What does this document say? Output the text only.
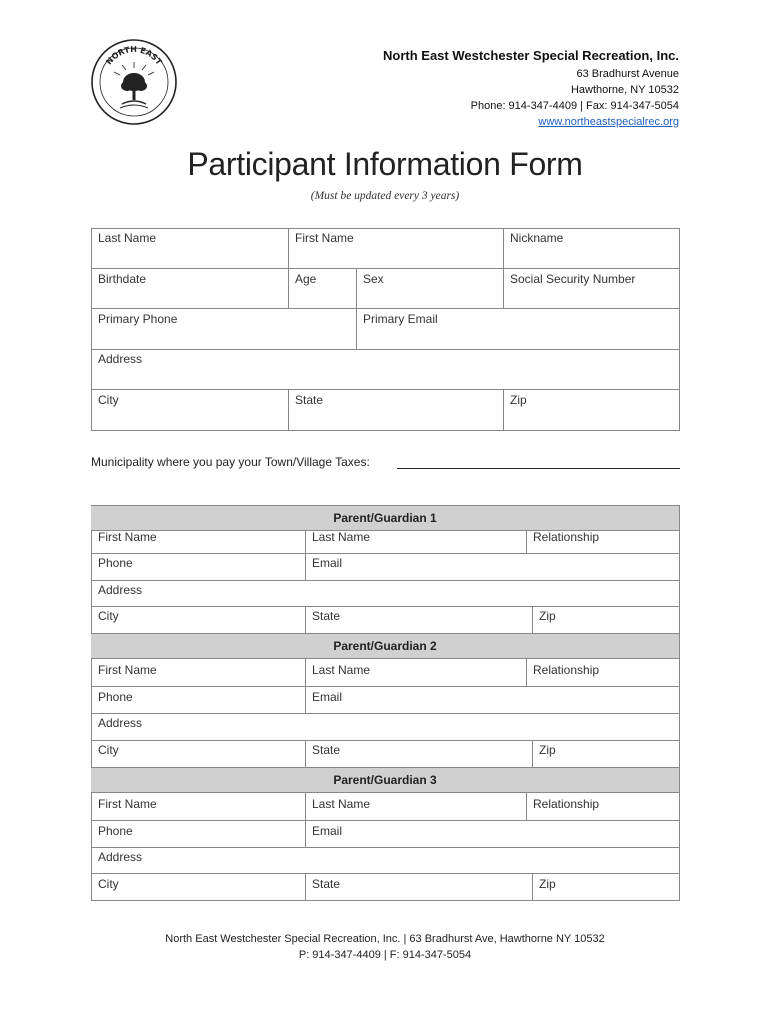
NORTH EAST	North East Westchester Special Recreation, Inc.
63 Bradhurst Avenue
Hawthorne, NY 10532
Phone: 914-347-4409 | Fax: 914-347-5054
www.northeastspecialrec.org
Participant Information Form
(Must be updated every 3 years)
Last Name	First Name	Nickname
Birthdate	Age	Sex	Social Security Number
Primary Phone	Primary Email
Address
City	State	Zip
Municipality where you pay your Town/Village Taxes:
Parent/Guardian 1
First Name	Last Name	Relationship
Phone	Email
Address
City	State	Zip
Parent/Guardian 2
First Name	Last Name	Relationship
Phone	Email
Address
City	State	Zip
Parent/Guardian 3
First Name	Last Name	Relationship
Phone	Email
Address
City	State	Zip
North East Westchester Special Recreation, Inc. | 63 Bradhurst Ave, Hawthorne NY 10532
P: 914-347-4409 | F: 914-347-5054
